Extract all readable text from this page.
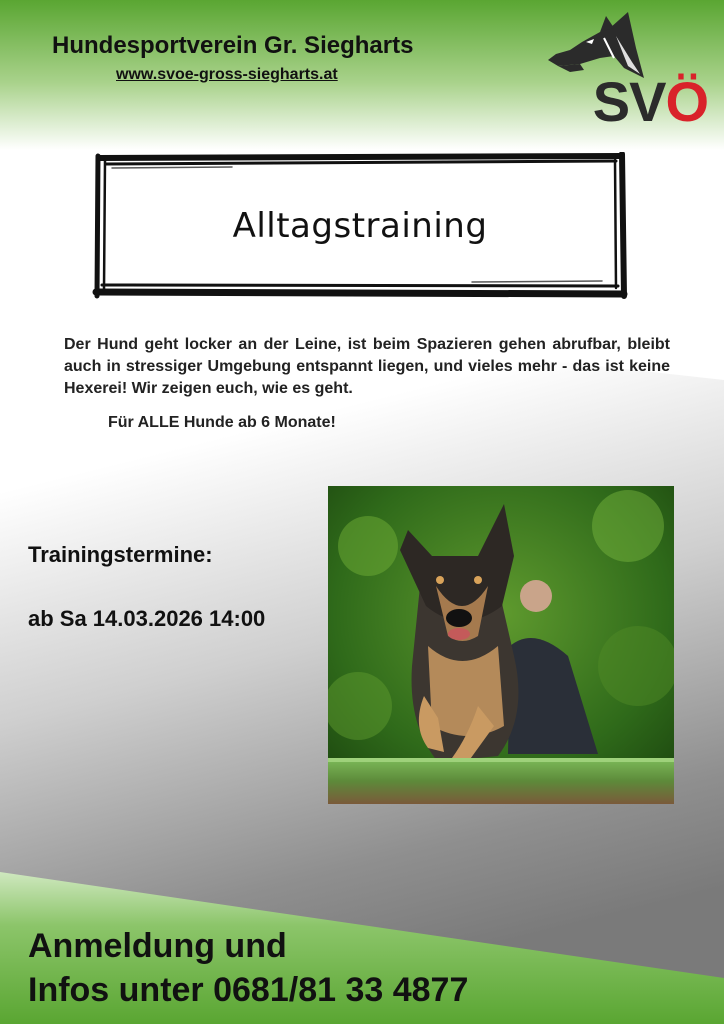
Hundesportverein Gr. Siegharts
www.svoe-gross-siegharts.at	SVÖ
Alltagstraining

Der Hund geht locker an der Leine, ist beim Spazieren gehen abrufbar, bleibt auch in stressiger Umgebung entspannt liegen, und vieles mehr - das ist keine Hexerei! Wir zeigen euch, wie es geht.

Für ALLE Hunde ab 6 Monate!
Trainingstermine:
ab Sa 14.03.2026 14:00
Anmeldung und
Infos unter 0681/81 33 4877
